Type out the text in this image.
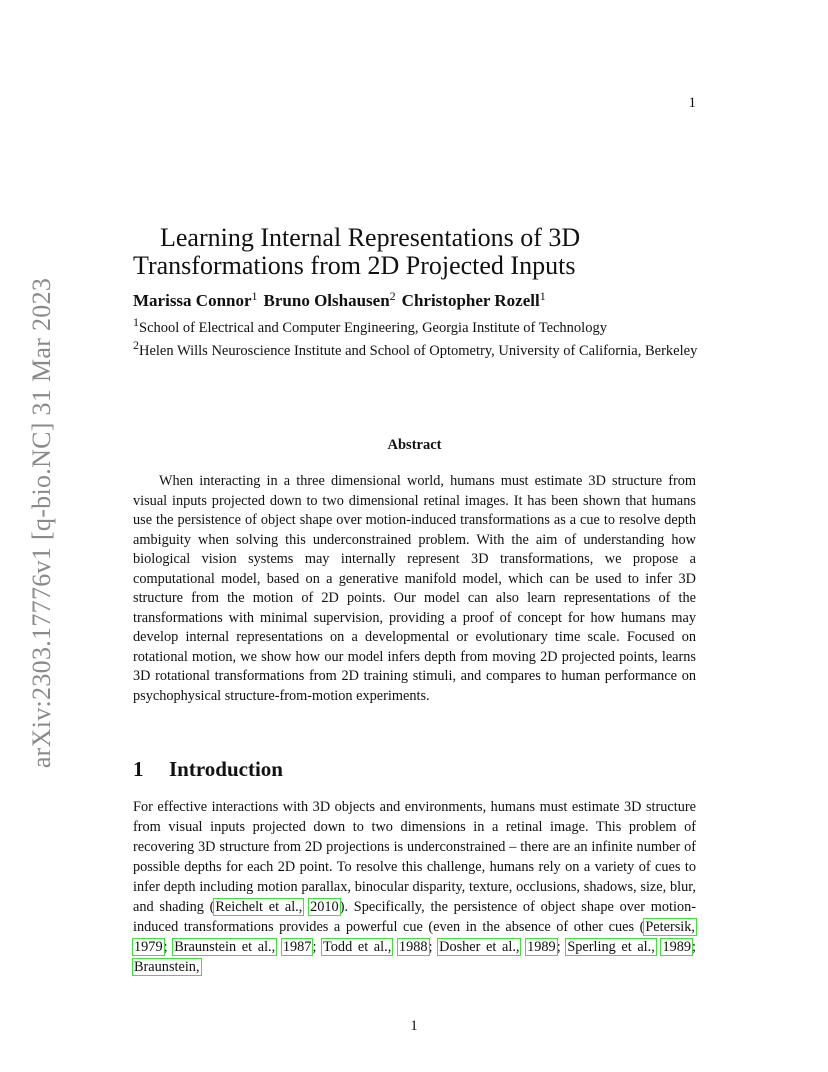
arXiv:2303.17776v1 [q-bio.NC] 31 Mar 2023
1
Learning Internal Representations of 3D Transformations from 2D Projected Inputs
Marissa Connor$^1$ Bruno Olshausen$^2$ Christopher Rozell$^1$
$^1$School of Electrical and Computer Engineering, Georgia Institute of Technology
$^2$Helen Wills Neuroscience Institute and School of Optometry, University of California, Berkeley
Abstract

When interacting in a three dimensional world, humans must estimate 3D structure from visual inputs projected down to two dimensional retinal images. It has been shown that humans use the persistence of object shape over motion-induced transformations as a cue to resolve depth ambiguity when solving this underconstrained problem. With the aim of understanding how biological vision systems may internally represent 3D transformations, we propose a computational model, based on a generative manifold model, which can be used to infer 3D structure from the motion of 2D points. Our model can also learn representations of the transformations with minimal supervision, providing a proof of concept for how humans may develop internal representations on a developmental or evolutionary time scale. Focused on rotational motion, we show how our model infers depth from moving 2D projected points, learns 3D rotational transformations from 2D training stimuli, and compares to human performance on psychophysical structure-from-motion experiments.

1 Introduction

For effective interactions with 3D objects and environments, humans must estimate 3D structure from visual inputs projected down to two dimensions in a retinal image. This problem of recovering 3D structure from 2D projections is underconstrained – there are an infinite number of possible depths for each 2D point. To resolve this challenge, humans rely on a variety of cues to infer depth including motion parallax, binocular disparity, texture, occlusions, shadows, size, blur, and shading (Reichelt et al., 2010). Specifically, the persistence of object shape over motion-induced transformations provides a powerful cue (even in the absence of other cues (Petersik, 1979; Braunstein et al., 1987; Todd et al., 1988; Dosher et al., 1989; Sperling et al., 1989; Braunstein,

1
